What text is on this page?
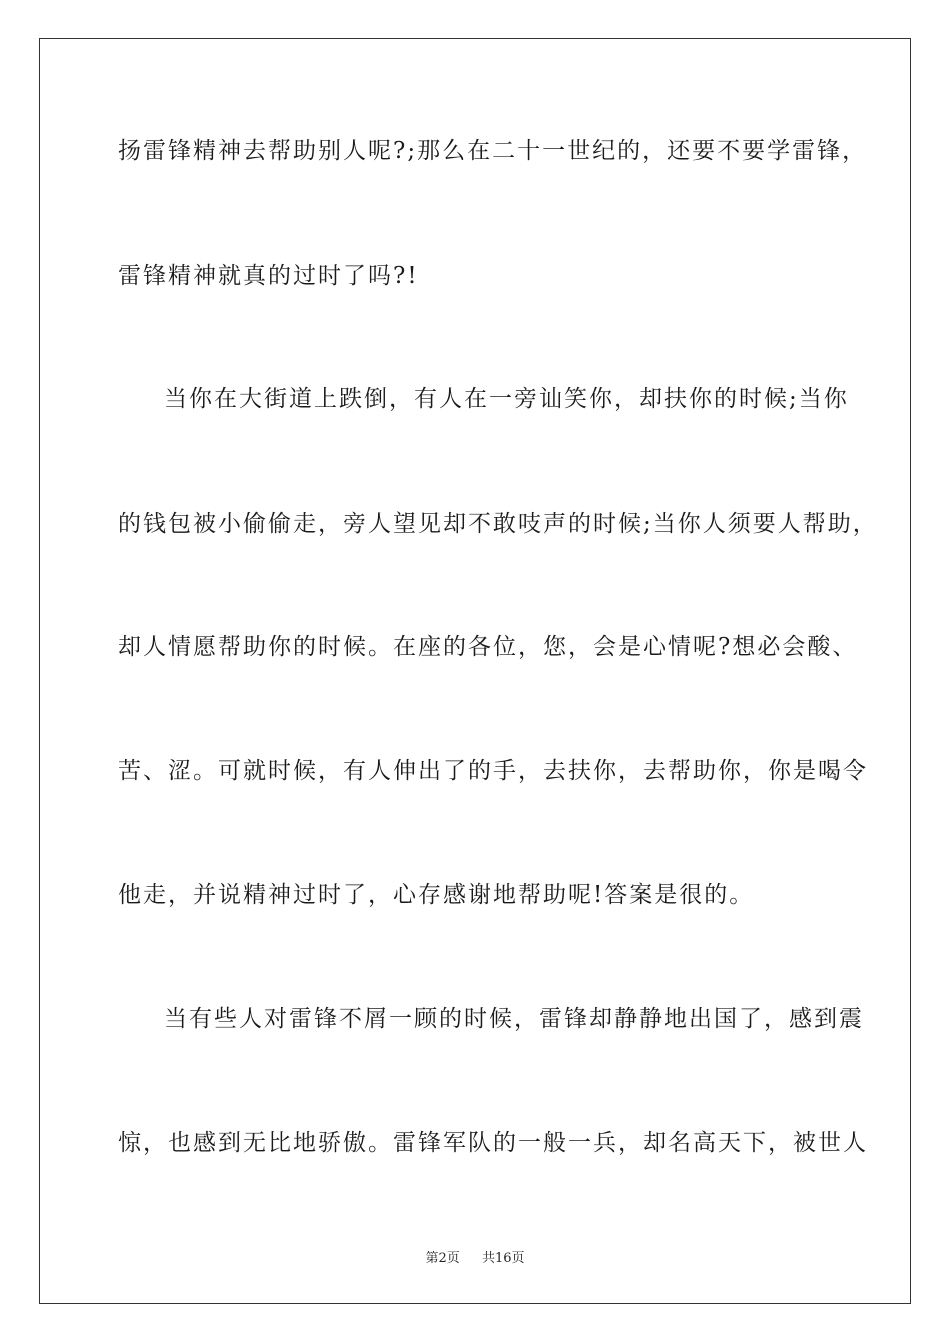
扬雷锋精神去帮助别人呢?;那么在二十一世纪的，还要不要学雷锋，
雷锋精神就真的过时了吗?!
当你在大街道上跌倒，有人在一旁讪笑你，却扶你的时候;当你
的钱包被小偷偷走，旁人望见却不敢吱声的时候;当你人须要人帮助，
却人情愿帮助你的时候。在座的各位，您，会是心情呢?想必会酸、
苦、涩。可就时候，有人伸出了的手，去扶你，去帮助你，你是喝令
他走，并说精神过时了，心存感谢地帮助呢!答案是很的。
当有些人对雷锋不屑一顾的时候，雷锋却静静地出国了，感到震
惊，也感到无比地骄傲。雷锋军队的一般一兵，却名高天下，被世人
第2页 共16页
